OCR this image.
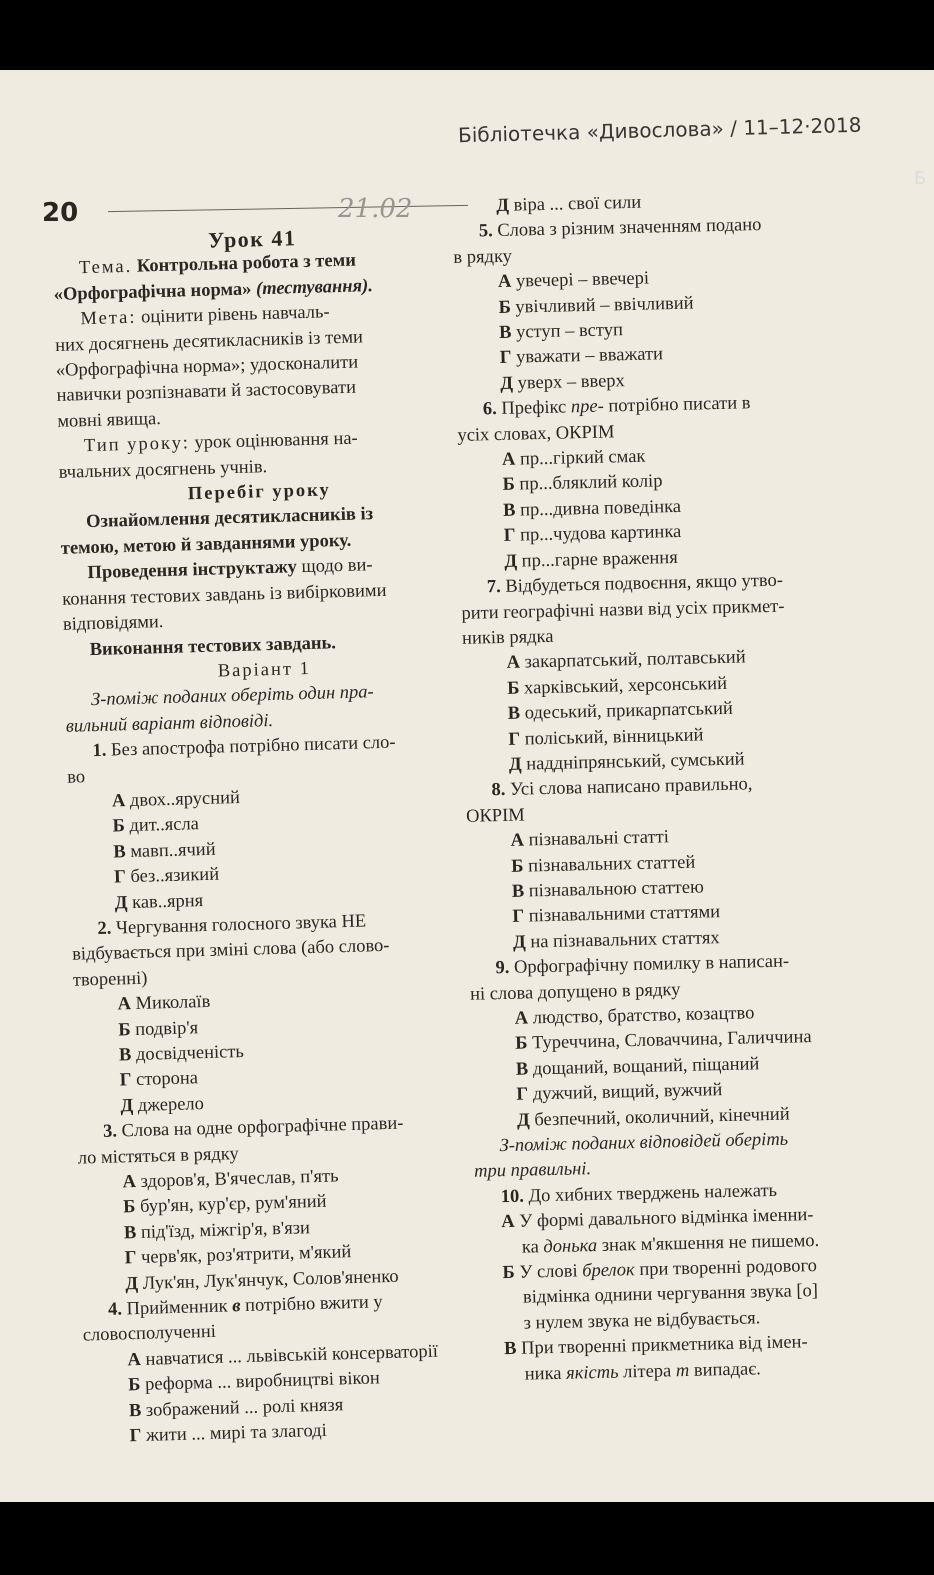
Бібліотечка «Дивослова» / 11–12·2018
Б
20	21.02
Урок 41
Тема. Контрольна робота з теми
«Орфографічна норма» (тестування).
Мета: оцінити рівень навчаль-
них досягнень десятикласників із теми
«Орфографічна норма»; удосконалити
навички розпізнавати й застосовувати
мовні явища.
Тип уроку: урок оцінювання на-
вчальних досягнень учнів.
Перебіг уроку
Ознайомлення десятикласників із
темою, метою й завданнями уроку.
Проведення інструктажу щодо ви-
конання тестових завдань із вибірковими
відповідями.
Виконання тестових завдань.
Варіант 1
З-поміж поданих оберіть один пра-
вильний варіант відповіді.
1. Без апострофа потрібно писати сло-
во
А двох..ярусний
Б дит..ясла
В мавп..ячий
Г без..язикий
Д кав..ярня
2. Чергування голосного звука НЕ
відбувається при зміні слова (або слово-
творенні)
А Миколаїв
Б подвір'я
В досвідченість
Г сторона
Д джерело
3. Слова на одне орфографічне прави-
ло містяться в рядку
А здоров'я, В'ячеслав, п'ять
Б бур'ян, кур'єр, рум'яний
В під'їзд, міжгір'я, в'язи
Г черв'як, роз'ятрити, м'який
Д Лук'ян, Лук'янчук, Солов'яненко
4. Прийменник в потрібно вжити у
словосполученні
А навчатися ... львівській консерваторії
Б реформа ... виробництві вікон
В зображений ... ролі князя
Г жити ... мирі та злагоді
Д віра ... свої сили
5. Слова з різним значенням подано
в рядку
А увечері – ввечері
Б увічливий – ввічливий
В уступ – вступ
Г уважати – вважати
Д уверх – вверх
6. Префікс пре- потрібно писати в
усіх словах, ОКРІМ
А пр...гіркий смак
Б пр...бляклий колір
В пр...дивна поведінка
Г пр...чудова картинка
Д пр...гарне враження
7. Відбудеться подвоєння, якщо утво-
рити географічні назви від усіх прикмет-
ників рядка
А закарпатський, полтавський
Б харківський, херсонський
В одеський, прикарпатський
Г поліський, вінницький
Д наддніпрянський, сумський
8. Усі слова написано правильно,
ОКРІМ
А пізнавальні статті
Б пізнавальних статтей
В пізнавальною статтею
Г пізнавальними статтями
Д на пізнавальних статтях
9. Орфографічну помилку в написан-
ні слова допущено в рядку
А людство, братство, козацтво
Б Туреччина, Словаччина, Галиччина
В дощаний, вощаний, піщаний
Г дужчий, вищий, вужчий
Д безпечний, околичний, кінечний
З-поміж поданих відповідей оберіть
три правильні.
10. До хибних тверджень належать
А У формі давального відмінка іменни-
ка донька знак м'якшення не пишемо.
Б У слові брелок при творенні родового
відмінка однини чергування звука [о]
з нулем звука не відбувається.
В При творенні прикметника від імен-
ника якість літера т випадає.
